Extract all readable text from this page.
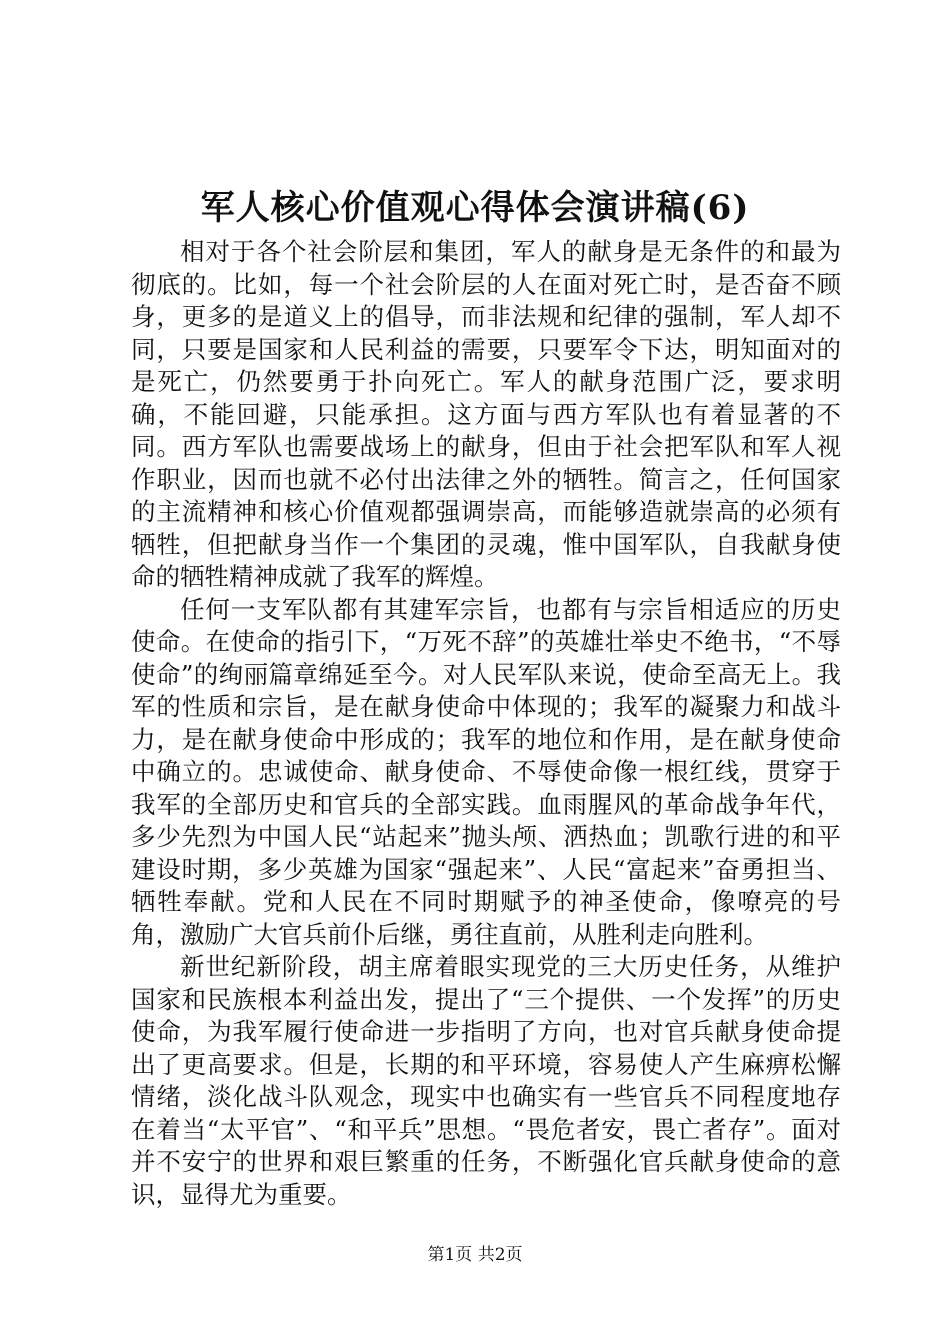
军人核心价值观心得体会演讲稿(6)

相对于各个社会阶层和集团，军人的献身是无条件的和最为彻底的。比如，每一个社会阶层的人在面对死亡时，是否奋不顾身，更多的是道义上的倡导，而非法规和纪律的强制，军人却不同，只要是国家和人民利益的需要，只要军令下达，明知面对的是死亡，仍然要勇于扑向死亡。军人的献身范围广泛，要求明确，不能回避，只能承担。这方面与西方军队也有着显著的不同。西方军队也需要战场上的献身，但由于社会把军队和军人视作职业，因而也就不必付出法律之外的牺牲。简言之，任何国家的主流精神和核心价值观都强调崇高，而能够造就崇高的必须有牺牲，但把献身当作一个集团的灵魂，惟中国军队，自我献身使命的牺牲精神成就了我军的辉煌。

任何一支军队都有其建军宗旨，也都有与宗旨相适应的历史使命。在使命的指引下，“万死不辞”的英雄壮举史不绝书，“不辱使命”的绚丽篇章绵延至今。对人民军队来说，使命至高无上。我军的性质和宗旨，是在献身使命中体现的；我军的凝聚力和战斗力，是在献身使命中形成的；我军的地位和作用，是在献身使命中确立的。忠诚使命、献身使命、不辱使命像一根红线，贯穿于我军的全部历史和官兵的全部实践。血雨腥风的革命战争年代，多少先烈为中国人民“站起来”抛头颅、洒热血；凯歌行进的和平建设时期，多少英雄为国家“强起来”、人民“富起来”奋勇担当、牺牲奉献。党和人民在不同时期赋予的神圣使命，像嘹亮的号角，激励广大官兵前仆后继，勇往直前，从胜利走向胜利。

新世纪新阶段，胡主席着眼实现党的三大历史任务，从维护国家和民族根本利益出发，提出了“三个提供、一个发挥”的历史使命，为我军履行使命进一步指明了方向，也对官兵献身使命提出了更高要求。但是，长期的和平环境，容易使人产生麻痹松懈情绪，淡化战斗队观念，现实中也确实有一些官兵不同程度地存在着当“太平官”、“和平兵”思想。“畏危者安，畏亡者存”。面对并不安宁的世界和艰巨繁重的任务，不断强化官兵献身使命的意识，显得尤为重要。

第1页 共2页
